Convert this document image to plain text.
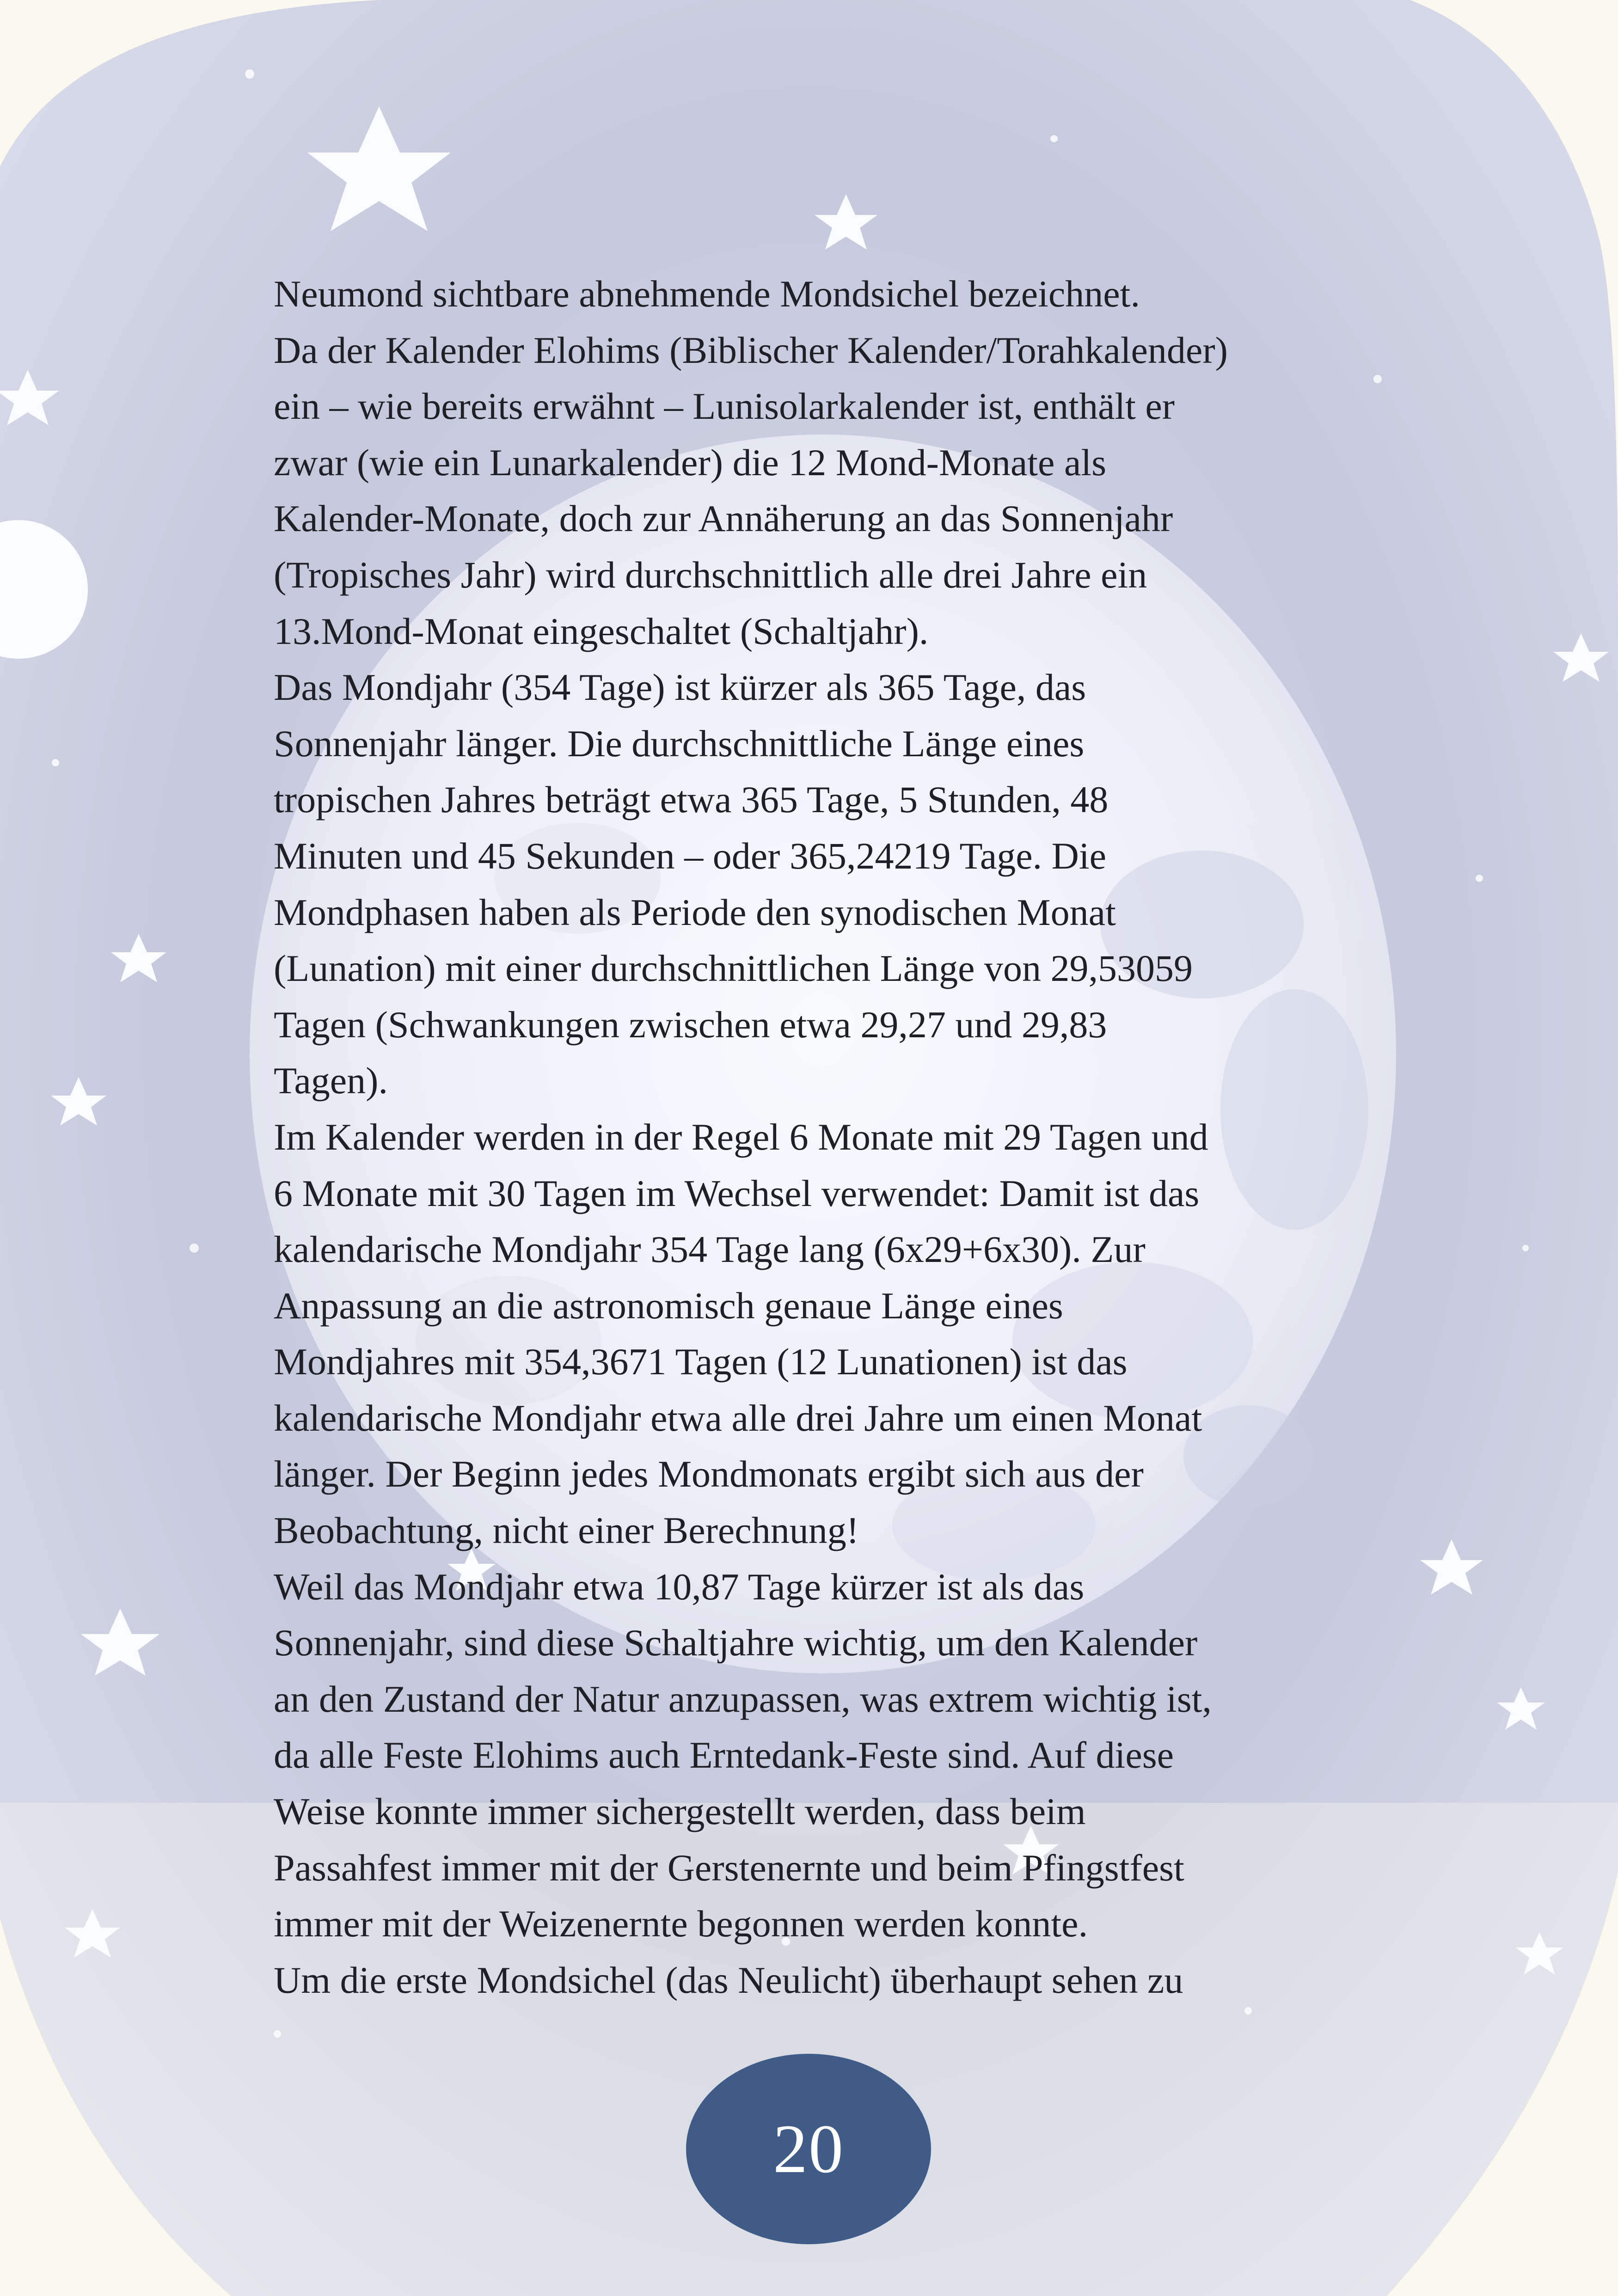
Neumond sichtbare abnehmende Mondsichel bezeichnet.
Da der Kalender Elohims (Biblischer Kalender/Torahkalender)
ein – wie bereits erwähnt – Lunisolarkalender ist, enthält er
zwar (wie ein Lunarkalender) die 12 Mond-Monate als
Kalender-Monate, doch zur Annäherung an das Sonnenjahr
(Tropisches Jahr) wird durchschnittlich alle drei Jahre ein
13.Mond-Monat eingeschaltet (Schaltjahr).
Das Mondjahr (354 Tage) ist kürzer als 365 Tage, das
Sonnenjahr länger. Die durchschnittliche Länge eines
tropischen Jahres beträgt etwa 365 Tage, 5 Stunden, 48
Minuten und 45 Sekunden – oder 365,24219 Tage. Die
Mondphasen haben als Periode den synodischen Monat
(Lunation) mit einer durchschnittlichen Länge von 29,53059
Tagen (Schwankungen zwischen etwa 29,27 und 29,83
Tagen).
Im Kalender werden in der Regel 6 Monate mit 29 Tagen und
6 Monate mit 30 Tagen im Wechsel verwendet: Damit ist das
kalendarische Mondjahr 354 Tage lang (6x29+6x30). Zur
Anpassung an die astronomisch genaue Länge eines
Mondjahres mit 354,3671 Tagen (12 Lunationen) ist das
kalendarische Mondjahr etwa alle drei Jahre um einen Monat
länger. Der Beginn jedes Mondmonats ergibt sich aus der
Beobachtung, nicht einer Berechnung!
Weil das Mondjahr etwa 10,87 Tage kürzer ist als das
Sonnenjahr, sind diese Schaltjahre wichtig, um den Kalender
an den Zustand der Natur anzupassen, was extrem wichtig ist,
da alle Feste Elohims auch Erntedank-Feste sind. Auf diese
Weise konnte immer sichergestellt werden, dass beim
Passahfest immer mit der Gerstenernte und beim Pfingstfest
immer mit der Weizenernte begonnen werden konnte.
Um die erste Mondsichel (das Neulicht) überhaupt sehen zu
20
